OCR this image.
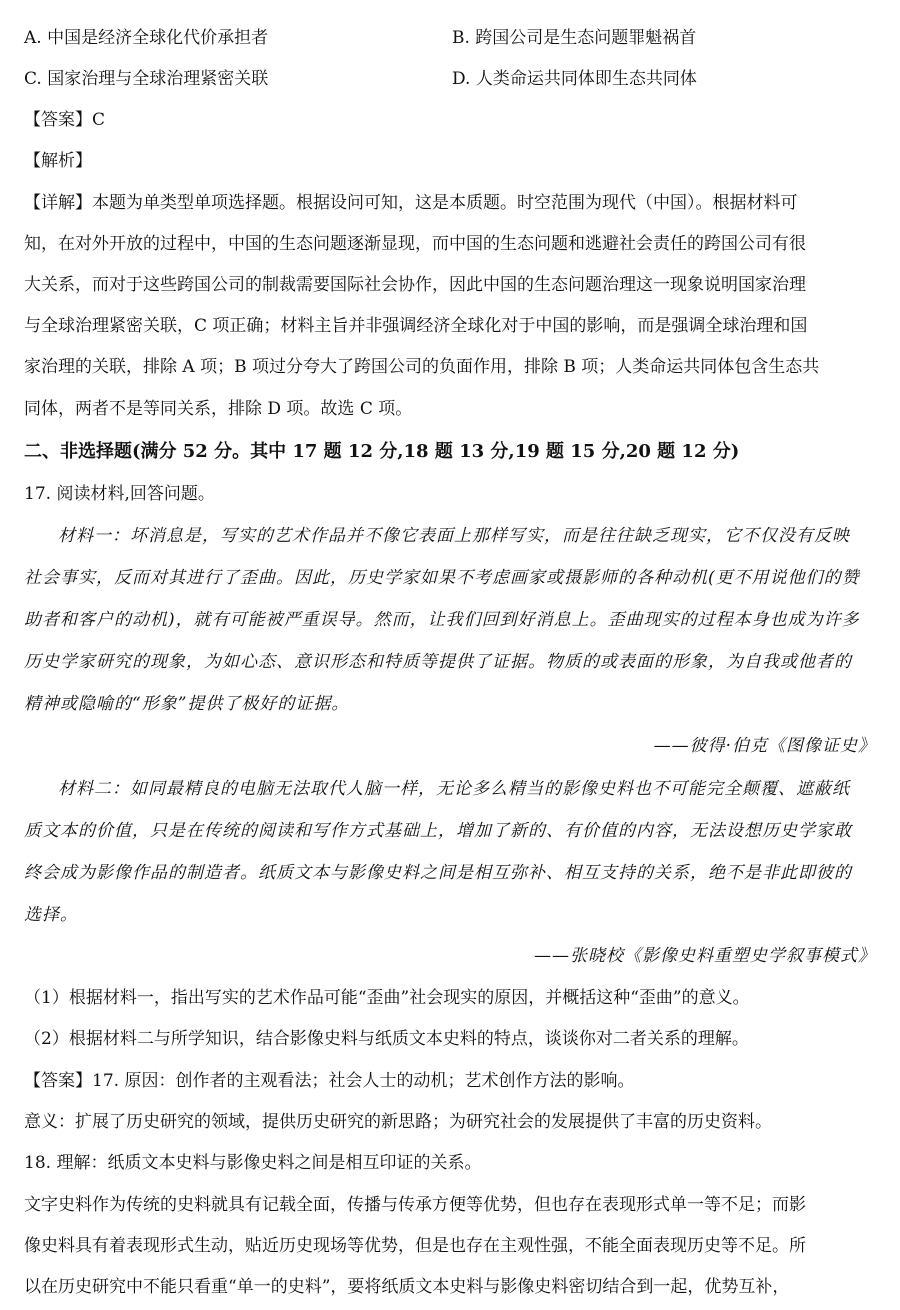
A. 中国是经济全球化代价承担者	B. 跨国公司是生态问题罪魁祸首
C. 国家治理与全球治理紧密关联	D. 人类命运共同体即生态共同体
【答案】C
【解析】
【详解】本题为单类型单项选择题。根据设问可知，这是本质题。时空范围为现代（中国）。根据材料可
知，在对外开放的过程中，中国的生态问题逐渐显现，而中国的生态问题和逃避社会责任的跨国公司有很
大关系，而对于这些跨国公司的制裁需要国际社会协作，因此中国的生态问题治理这一现象说明国家治理
与全球治理紧密关联，C 项正确；材料主旨并非强调经济全球化对于中国的影响，而是强调全球治理和国
家治理的关联，排除 A 项；B 项过分夸大了跨国公司的负面作用，排除 B 项；人类命运共同体包含生态共
同体，两者不是等同关系，排除 D 项。故选 C 项。
二、非选择题(满分 52 分。其中 17 题 12 分,18 题 13 分,19 题 15 分,20 题 12 分)
17. 阅读材料,回答问题。
材料一：坏消息是，写实的艺术作品并不像它表面上那样写实，而是往往缺乏现实，它不仅没有反映
社会事实，反而对其进行了歪曲。因此，历史学家如果不考虑画家或摄影师的各种动机(更不用说他们的赞
助者和客户的动机)，就有可能被严重误导。然而，让我们回到好消息上。歪曲现实的过程本身也成为许多
历史学家研究的现象，为如心态、意识形态和特质等提供了证据。物质的或表面的形象，为自我或他者的
精神或隐喻的“形象”提供了极好的证据。
——彼得·伯克《图像证史》
材料二：如同最精良的电脑无法取代人脑一样，无论多么精当的影像史料也不可能完全颠覆、遮蔽纸
质文本的价值，只是在传统的阅读和写作方式基础上，增加了新的、有价值的内容，无法设想历史学家敢
终会成为影像作品的制造者。纸质文本与影像史料之间是相互弥补、相互支持的关系，绝不是非此即彼的
选择。
——张晓校《影像史料重塑史学叙事模式》
（1）根据材料一，指出写实的艺术作品可能“歪曲”社会现实的原因，并概括这种“歪曲”的意义。
（2）根据材料二与所学知识，结合影像史料与纸质文本史料的特点，谈谈你对二者关系的理解。
【答案】17. 原因：创作者的主观看法；社会人士的动机；艺术创作方法的影响。
意义：扩展了历史研究的领域，提供历史研究的新思路；为研究社会的发展提供了丰富的历史资料。
18. 理解：纸质文本史料与影像史料之间是相互印证的关系。
文字史料作为传统的史料就具有记载全面，传播与传承方便等优势，但也存在表现形式单一等不足；而影
像史料具有着表现形式生动，贴近历史现场等优势，但是也存在主观性强，不能全面表现历史等不足。所
以在历史研究中不能只看重“单一的史料”，要将纸质文本史料与影像史料密切结合到一起，优势互补，
